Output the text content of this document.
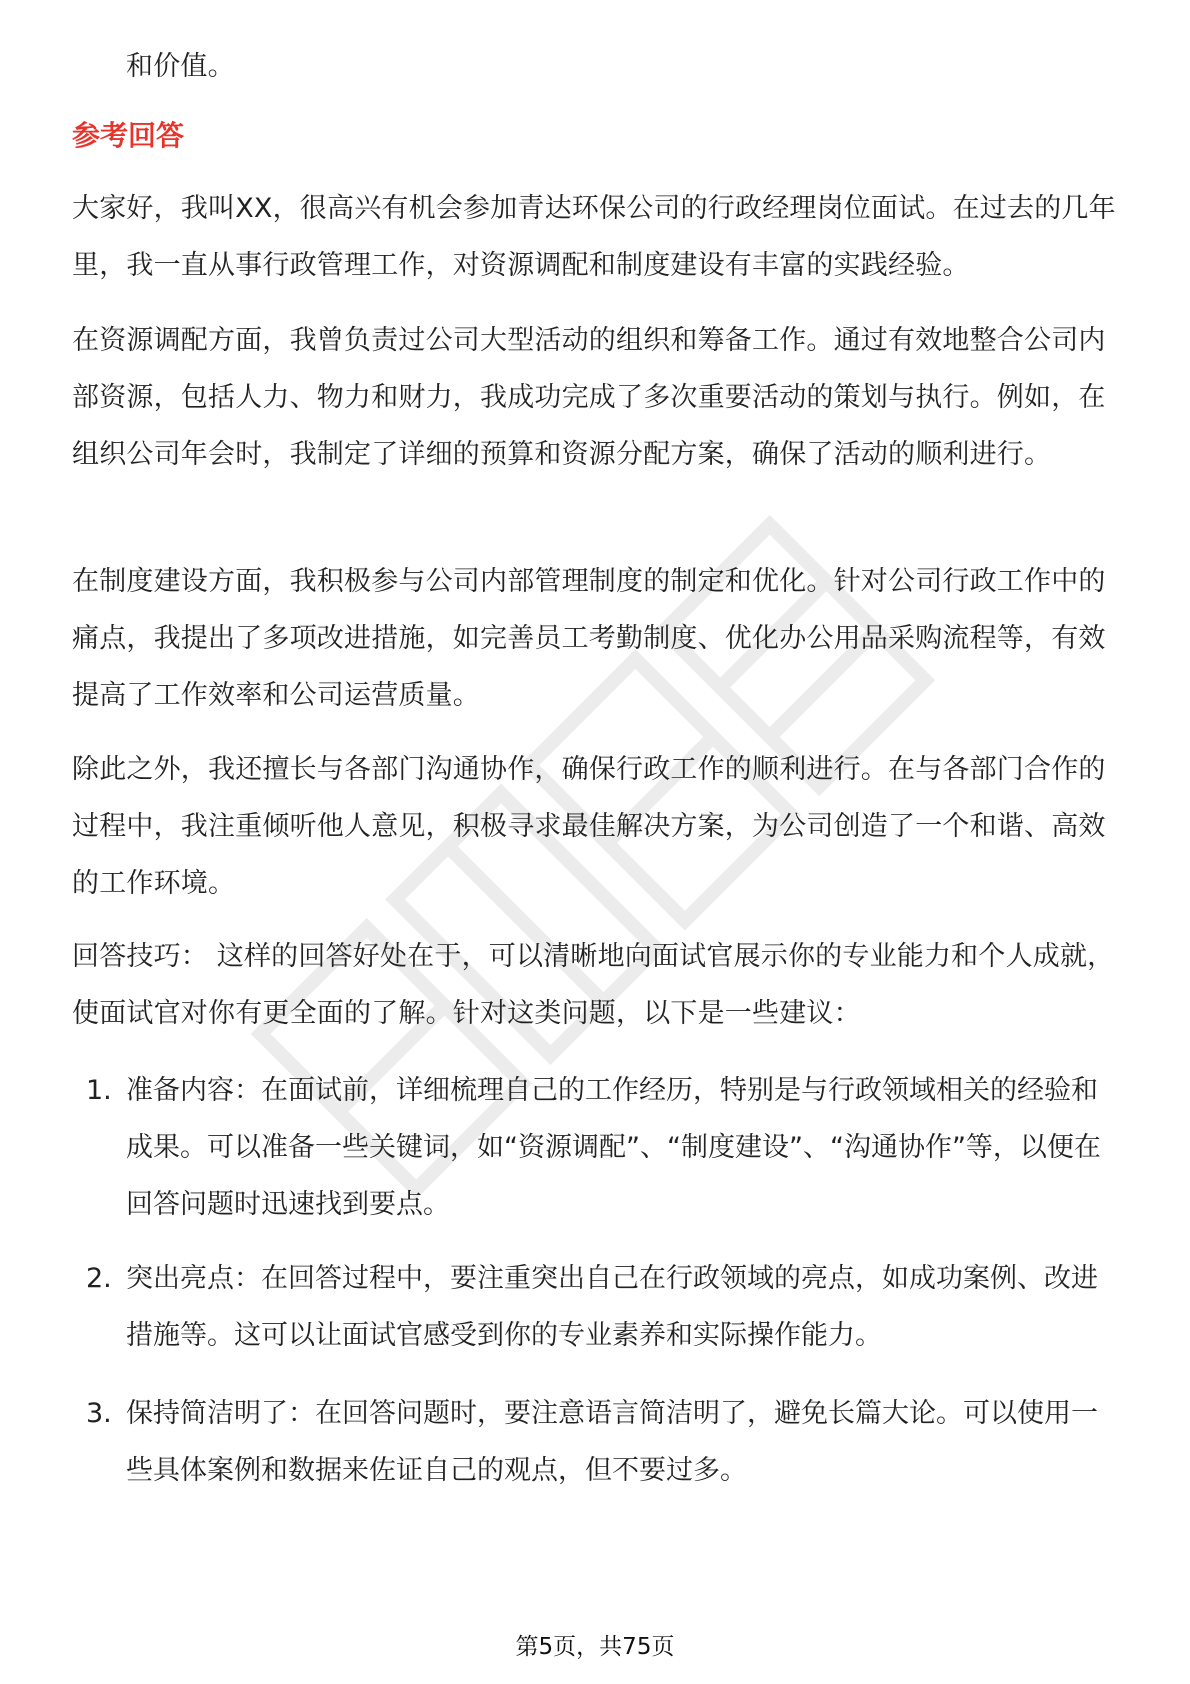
和价值。

参考回答

大家好，我叫XX，很高兴有机会参加青达环保公司的行政经理岗位面试。在过去的几年里，我一直从事行政管理工作，对资源调配和制度建设有丰富的实践经验。

在资源调配方面，我曾负责过公司大型活动的组织和筹备工作。通过有效地整合公司内部资源，包括人力、物力和财力，我成功完成了多次重要活动的策划与执行。例如，在组织公司年会时，我制定了详细的预算和资源分配方案，确保了活动的顺利进行。

在制度建设方面，我积极参与公司内部管理制度的制定和优化。针对公司行政工作中的痛点，我提出了多项改进措施，如完善员工考勤制度、优化办公用品采购流程等，有效提高了工作效率和公司运营质量。

除此之外，我还擅长与各部门沟通协作，确保行政工作的顺利进行。在与各部门合作的过程中，我注重倾听他人意见，积极寻求最佳解决方案，为公司创造了一个和谐、高效的工作环境。

回答技巧： 这样的回答好处在于，可以清晰地向面试官展示你的专业能力和个人成就，使面试官对你有更全面的了解。针对这类问题，以下是一些建议：

1. 准备内容：在面试前，详细梳理自己的工作经历，特别是与行政领域相关的经验和成果。可以准备一些关键词，如“资源调配”、“制度建设”、“沟通协作”等，以便在回答问题时迅速找到要点。

2. 突出亮点：在回答过程中，要注重突出自己在行政领域的亮点，如成功案例、改进措施等。这可以让面试官感受到你的专业素养和实际操作能力。

3. 保持简洁明了：在回答问题时，要注意语言简洁明了，避免长篇大论。可以使用一些具体案例和数据来佐证自己的观点，但不要过多。

第5页，共75页
